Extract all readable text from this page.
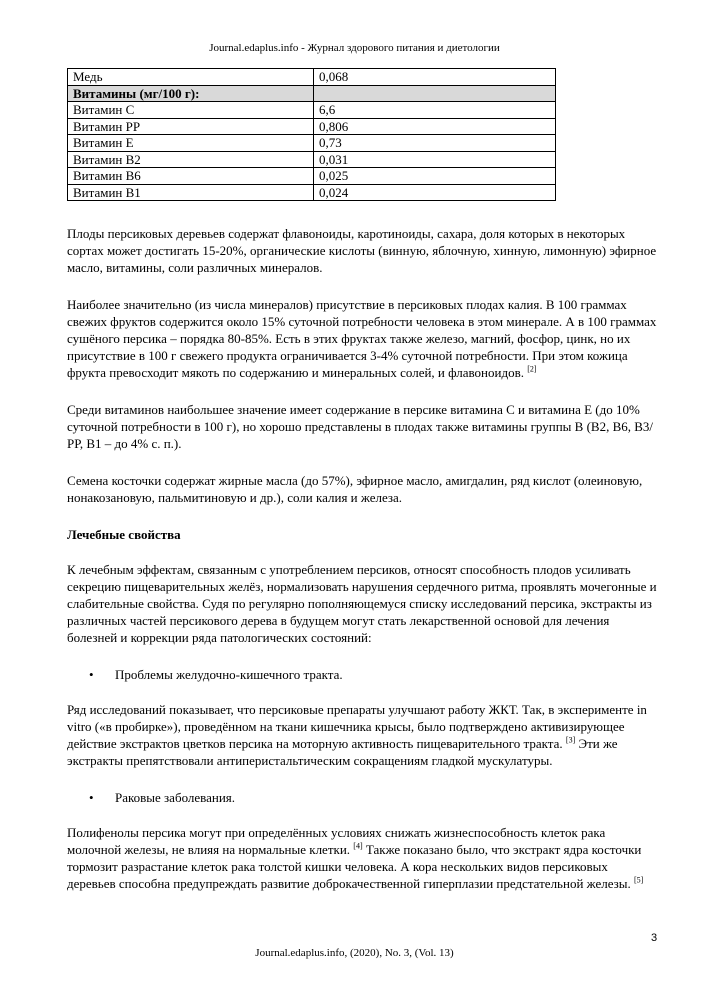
Journal.edaplus.info - Журнал здорового питания и диетологии
Медь	0,068
Витамины (мг/100 г):	
Витамин С	6,6
Витамин РР	0,806
Витамин Е	0,73
Витамин В2	0,031
Витамин В6	0,025
Витамин В1	0,024

Плоды персиковых деревьев содержат флавоноиды, каротиноиды, сахара, доля которых в некоторых сортах может достигать 15-20%, органические кислоты (винную, яблочную, хинную, лимонную) эфирное масло, витамины, соли различных минералов.

Наиболее значительно (из числа минералов) присутствие в персиковых плодах калия. В 100 граммах свежих фруктов содержится около 15% суточной потребности человека в этом минерале. А в 100 граммах сушёного персика – порядка 80-85%. Есть в этих фруктах также железо, магний, фосфор, цинк, но их присутствие в 100 г свежего продукта ограничивается 3-4% суточной потребности. При этом кожица фрукта превосходит мякоть по содержанию и минеральных солей, и флавоноидов. [2]

Среди витаминов наибольшее значение имеет содержание в персике витамина С и витамина Е (до 10% суточной потребности в 100 г), но хорошо представлены в плодах также витамины группы В (В2, В6, В3/РР, В1 – до 4% с. п.).

Семена косточки содержат жирные масла (до 57%), эфирное масло, амигдалин, ряд кислот (олеиновую, нонакозановую, пальмитиновую и др.), соли калия и железа.

Лечебные свойства

К лечебным эффектам, связанным с употреблением персиков, относят способность плодов усиливать секрецию пищеварительных желёз, нормализовать нарушения сердечного ритма, проявлять мочегонные и слабительные свойства. Судя по регулярно пополняющемуся списку исследований персика, экстракты из различных частей персикового дерева в будущем могут стать лекарственной основой для лечения болезней и коррекции ряда патологических состояний:

• Проблемы желудочно-кишечного тракта.

Ряд исследований показывает, что персиковые препараты улучшают работу ЖКТ. Так, в эксперименте in vitro («в пробирке»), проведённом на ткани кишечника крысы, было подтверждено активизирующее действие экстрактов цветков персика на моторную активность пищеварительного тракта. [3] Эти же экстракты препятствовали антиперистальтическим сокращениям гладкой мускулатуры.

• Раковые заболевания.

Полифенолы персика могут при определённых условиях снижать жизнеспособность клеток рака молочной железы, не влияя на нормальные клетки. [4] Также показано было, что экстракт ядра косточки тормозит разрастание клеток рака толстой кишки человека. А кора нескольких видов персиковых деревьев способна предупреждать развитие доброкачественной гиперплазии предстательной железы. [5]

3
Journal.edaplus.info, (2020), No. 3, (Vol. 13)
